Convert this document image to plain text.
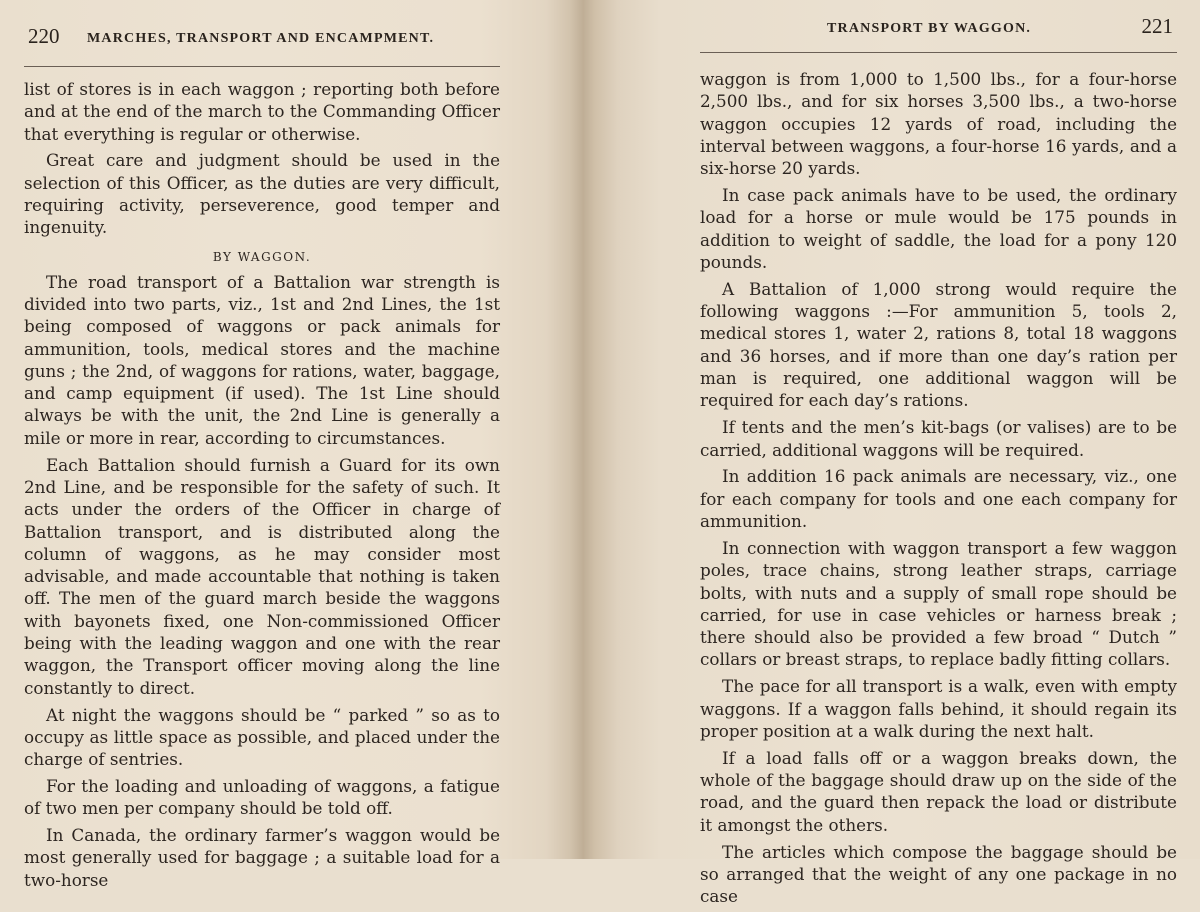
220 MARCHES, TRANSPORT AND ENCAMPMENT.

list of stores is in each waggon ; reporting both before and at the end of the march to the Commanding Officer that everything is regular or otherwise.

Great care and judgment should be used in the selection of this Officer, as the duties are very difficult, requiring activity, perseverence, good temper and ingenuity.

BY WAGGON.

The road transport of a Battalion war strength is divided into two parts, viz., 1st and 2nd Lines, the 1st being composed of waggons or pack animals for ammunition, tools, medical stores and the machine guns ; the 2nd, of waggons for rations, water, baggage, and camp equipment (if used). The 1st Line should always be with the unit, the 2nd Line is generally a mile or more in rear, according to circumstances.

Each Battalion should furnish a Guard for its own 2nd Line, and be responsible for the safety of such. It acts under the orders of the Officer in charge of Battalion transport, and is distributed along the column of waggons, as he may consider most advisable, and made accountable that nothing is taken off. The men of the guard march beside the waggons with bayonets fixed, one Non-commissioned Officer being with the leading waggon and one with the rear waggon, the Transport officer moving along the line constantly to direct.

At night the waggons should be “ parked ” so as to occupy as little space as possible, and placed under the charge of sentries.

For the loading and unloading of waggons, a fatigue of two men per company should be told off.

In Canada, the ordinary farmer’s waggon would be most generally used for baggage ; a suitable load for a two-horse

TRANSPORT BY WAGGON.	221

waggon is from 1,000 to 1,500 lbs., for a four-horse 2,500 lbs., and for six horses 3,500 lbs., a two-horse waggon occupies 12 yards of road, including the interval between waggons, a four-horse 16 yards, and a six-horse 20 yards.

In case pack animals have to be used, the ordinary load for a horse or mule would be 175 pounds in addition to weight of saddle, the load for a pony 120 pounds.

A Battalion of 1,000 strong would require the following waggons :—For ammunition 5, tools 2, medical stores 1, water 2, rations 8, total 18 waggons and 36 horses, and if more than one day’s ration per man is required, one additional waggon will be required for each day’s rations.

If tents and the men’s kit-bags (or valises) are to be carried, additional waggons will be required.

In addition 16 pack animals are necessary, viz., one for each company for tools and one each company for ammunition.

In connection with waggon transport a few waggon poles, trace chains, strong leather straps, carriage bolts, with nuts and a supply of small rope should be carried, for use in case vehicles or harness break ; there should also be provided a few broad “ Dutch ” collars or breast straps, to replace badly fitting collars.

The pace for all transport is a walk, even with empty waggons. If a waggon falls behind, it should regain its proper position at a walk during the next halt.

If a load falls off or a waggon breaks down, the whole of the baggage should draw up on the side of the road, and the guard then repack the load or distribute it amongst the others.

The articles which compose the baggage should be so arranged that the weight of any one package in no case
